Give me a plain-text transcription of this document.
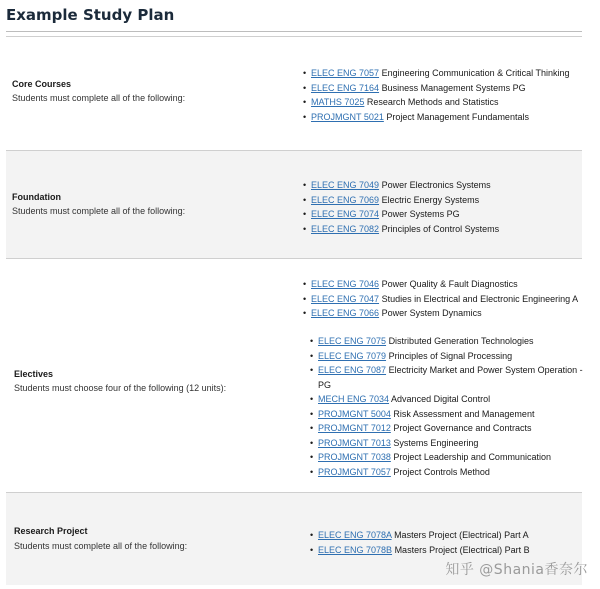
Example Study Plan
Core Courses
Students must complete all of the following:
• ELEC ENG 7057 Engineering Communication & Critical Thinking
• ELEC ENG 7164 Business Management Systems PG
• MATHS 7025 Research Methods and Statistics
• PROJMGNT 5021 Project Management Fundamentals
Foundation
Students must complete all of the following:
• ELEC ENG 7049 Power Electronics Systems
• ELEC ENG 7069 Electric Energy Systems
• ELEC ENG 7074 Power Systems PG
• ELEC ENG 7082 Principles of Control Systems
Electives
Students must choose four of the following (12 units):
• ELEC ENG 7046 Power Quality & Fault Diagnostics
• ELEC ENG 7047 Studies in Electrical and Electronic Engineering A
• ELEC ENG 7066 Power System Dynamics
• ELEC ENG 7075 Distributed Generation Technologies
• ELEC ENG 7079 Principles of Signal Processing
• ELEC ENG 7087 Electricity Market and Power System Operation - PG
• MECH ENG 7034 Advanced Digital Control
• PROJMGNT 5004 Risk Assessment and Management
• PROJMGNT 7012 Project Governance and Contracts
• PROJMGNT 7013 Systems Engineering
• PROJMGNT 7038 Project Leadership and Communication
• PROJMGNT 7057 Project Controls Method
Research Project
Students must complete all of the following:
• ELEC ENG 7078A Masters Project (Electrical) Part A
• ELEC ENG 7078B Masters Project (Electrical) Part B
知乎 @Shania香奈尔
